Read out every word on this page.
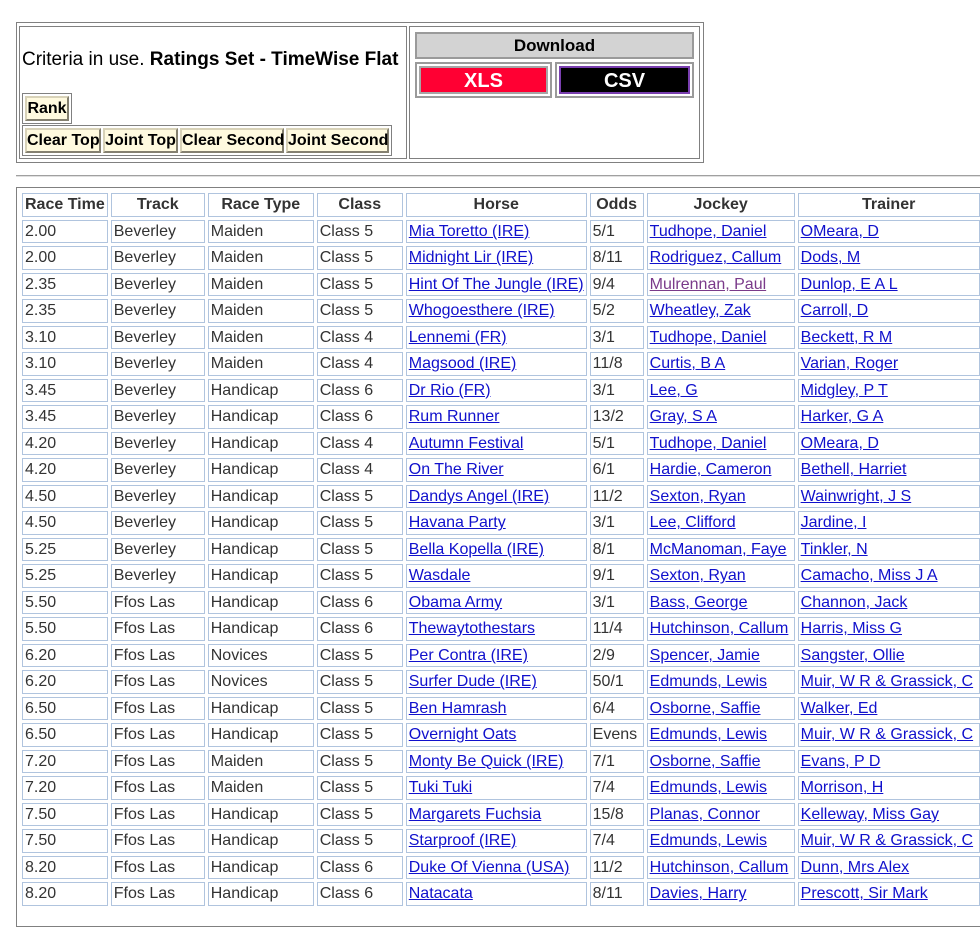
Criteria in use. Ratings Set - TimeWise Flat
Rank
Clear Top Joint Top Clear Second Joint Second
Download
XLS	CSV
Race Time	Track	Race Type	Class	Horse	Odds	Jockey	Trainer
2.00	Beverley	Maiden	Class 5	Mia Toretto (IRE)	5/1	Tudhope, Daniel	OMeara, D
2.00	Beverley	Maiden	Class 5	Midnight Lir (IRE)	8/11	Rodriguez, Callum	Dods, M
2.35	Beverley	Maiden	Class 5	Hint Of The Jungle (IRE)	9/4	Mulrennan, Paul	Dunlop, E A L
2.35	Beverley	Maiden	Class 5	Whogoesthere (IRE)	5/2	Wheatley, Zak	Carroll, D
3.10	Beverley	Maiden	Class 4	Lennemi (FR)	3/1	Tudhope, Daniel	Beckett, R M
3.10	Beverley	Maiden	Class 4	Magsood (IRE)	11/8	Curtis, B A	Varian, Roger
3.45	Beverley	Handicap	Class 6	Dr Rio (FR)	3/1	Lee, G	Midgley, P T
3.45	Beverley	Handicap	Class 6	Rum Runner	13/2	Gray, S A	Harker, G A
4.20	Beverley	Handicap	Class 4	Autumn Festival	5/1	Tudhope, Daniel	OMeara, D
4.20	Beverley	Handicap	Class 4	On The River	6/1	Hardie, Cameron	Bethell, Harriet
4.50	Beverley	Handicap	Class 5	Dandys Angel (IRE)	11/2	Sexton, Ryan	Wainwright, J S
4.50	Beverley	Handicap	Class 5	Havana Party	3/1	Lee, Clifford	Jardine, I
5.25	Beverley	Handicap	Class 5	Bella Kopella (IRE)	8/1	McManoman, Faye	Tinkler, N
5.25	Beverley	Handicap	Class 5	Wasdale	9/1	Sexton, Ryan	Camacho, Miss J A
5.50	Ffos Las	Handicap	Class 6	Obama Army	3/1	Bass, George	Channon, Jack
5.50	Ffos Las	Handicap	Class 6	Thewaytothestars	11/4	Hutchinson, Callum	Harris, Miss G
6.20	Ffos Las	Novices	Class 5	Per Contra (IRE)	2/9	Spencer, Jamie	Sangster, Ollie
6.20	Ffos Las	Novices	Class 5	Surfer Dude (IRE)	50/1	Edmunds, Lewis	Muir, W R & Grassick, C
6.50	Ffos Las	Handicap	Class 5	Ben Hamrash	6/4	Osborne, Saffie	Walker, Ed
6.50	Ffos Las	Handicap	Class 5	Overnight Oats	Evens	Edmunds, Lewis	Muir, W R & Grassick, C
7.20	Ffos Las	Maiden	Class 5	Monty Be Quick (IRE)	7/1	Osborne, Saffie	Evans, P D
7.20	Ffos Las	Maiden	Class 5	Tuki Tuki	7/4	Edmunds, Lewis	Morrison, H
7.50	Ffos Las	Handicap	Class 5	Margarets Fuchsia	15/8	Planas, Connor	Kelleway, Miss Gay
7.50	Ffos Las	Handicap	Class 5	Starproof (IRE)	7/4	Edmunds, Lewis	Muir, W R & Grassick, C
8.20	Ffos Las	Handicap	Class 6	Duke Of Vienna (USA)	11/2	Hutchinson, Callum	Dunn, Mrs Alex
8.20	Ffos Las	Handicap	Class 6	Natacata	8/11	Davies, Harry	Prescott, Sir Mark
